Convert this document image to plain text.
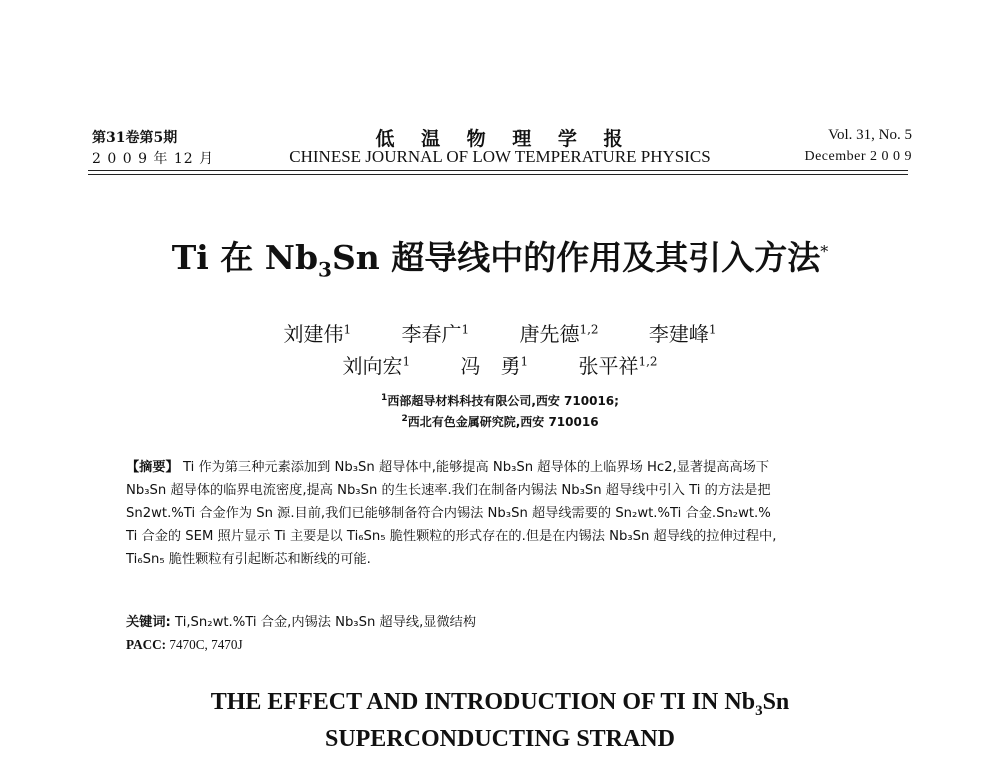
第31卷第5期
2 0 0 9 年 12 月
低 温 物 理 学 报
CHINESE JOURNAL OF LOW TEMPERATURE PHYSICS
Vol. 31, No. 5
December 2 0 0 9
Ti 在 $Nb_3Sn$ 超导线中的作用及其引入方法*
刘建伟$^1$	李春广$^1$	唐先德$^{1,2}$	李建峰$^1$
刘向宏$^1$	冯　勇$^1$	张平祥$^{1,2}$
$^1$西部超导材料科技有限公司,西安 710016;
$^2$西北有色金属研究院,西安 710016
【摘要】 Ti 作为第三种元素添加到 Nb₃Sn 超导体中,能够提高 Nb₃Sn 超导体的上临界场 Hc2,显著提高高场下
Nb₃Sn 超导体的临界电流密度,提高 Nb₃Sn 的生长速率.我们在制备内锡法 Nb₃Sn 超导线中引入 Ti 的方法是把
Sn2wt.%Ti 合金作为 Sn 源.目前,我们已能够制备符合内锡法 Nb₃Sn 超导线需要的 Sn₂wt.%Ti 合金.Sn₂wt.%
Ti 合金的 SEM 照片显示 Ti 主要是以 Ti₆Sn₅ 脆性颗粒的形式存在的.但是在内锡法 Nb₃Sn 超导线的拉伸过程中,
Ti₆Sn₅ 脆性颗粒有引起断芯和断线的可能.
关键词: Ti,Sn₂wt.%Ti 合金,内锡法 Nb₃Sn 超导线,显微结构
PACC: 7470C, 7470J
THE EFFECT AND INTRODUCTION OF TI IN $Nb_3Sn$
SUPERCONDUCTING STRAND
